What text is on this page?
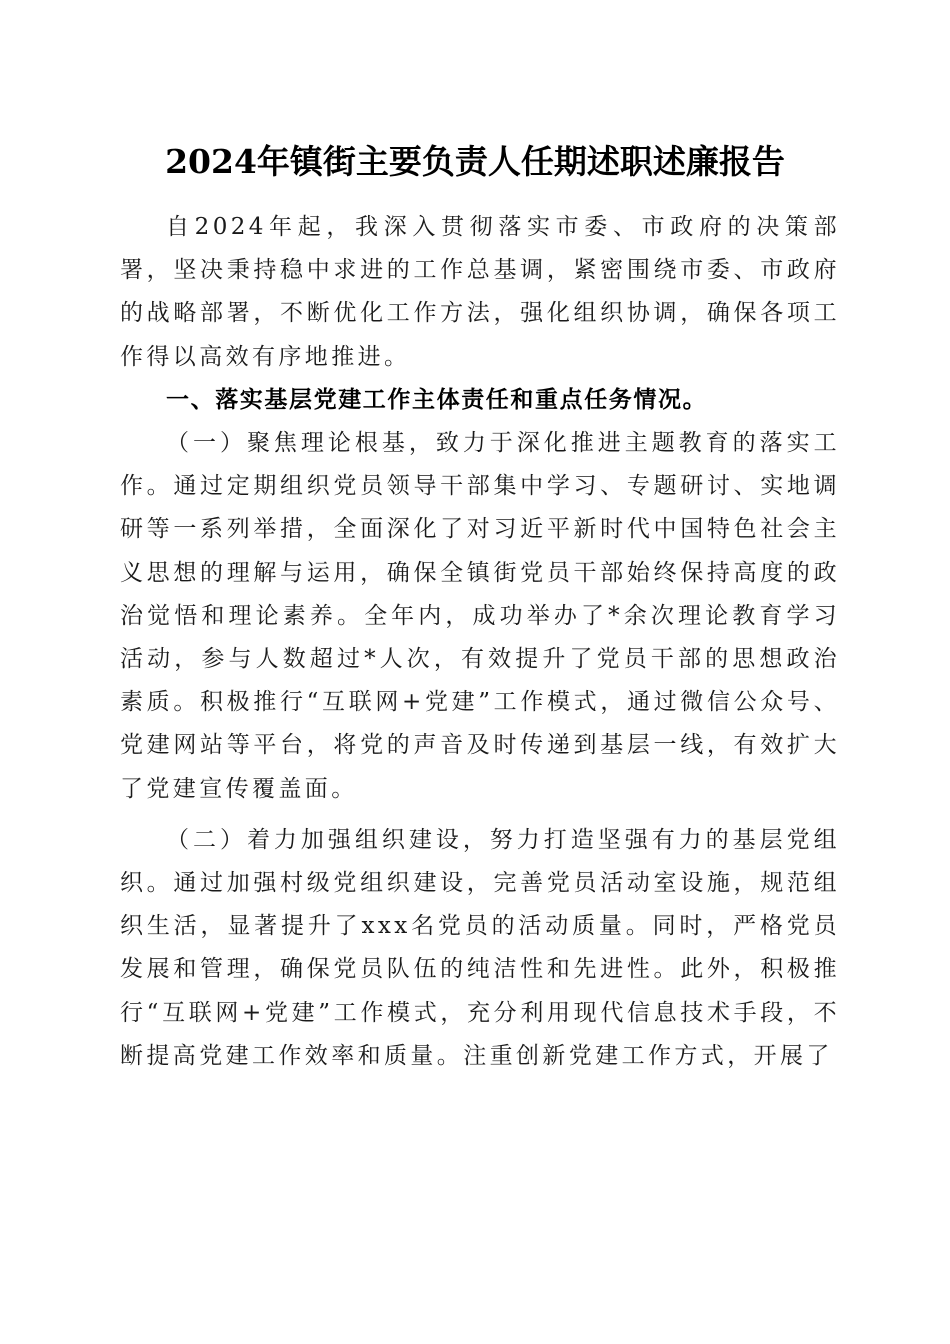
2024年镇街主要负责人任期述职述廉报告

自2024年起，我深入贯彻落实市委、市政府的决策部署，坚决秉持稳中求进的工作总基调，紧密围绕市委、市政府的战略部署，不断优化工作方法，强化组织协调，确保各项工作得以高效有序地推进。

一、落实基层党建工作主体责任和重点任务情况。

（一）聚焦理论根基，致力于深化推进主题教育的落实工作。通过定期组织党员领导干部集中学习、专题研讨、实地调研等一系列举措，全面深化了对习近平新时代中国特色社会主义思想的理解与运用，确保全镇街党员干部始终保持高度的政治觉悟和理论素养。全年内，成功举办了*余次理论教育学习活动，参与人数超过*人次，有效提升了党员干部的思想政治素质。积极推行“互联网+党建”工作模式，通过微信公众号、党建网站等平台，将党的声音及时传递到基层一线，有效扩大了党建宣传覆盖面。

（二）着力加强组织建设，努力打造坚强有力的基层党组织。通过加强村级党组织建设，完善党员活动室设施，规范组织生活，显著提升了xxx名党员的活动质量。同时，严格党员发展和管理，确保党员队伍的纯洁性和先进性。此外，积极推行“互联网+党建”工作模式，充分利用现代信息技术手段，不断提高党建工作效率和质量。注重创新党建工作方式，开展了
